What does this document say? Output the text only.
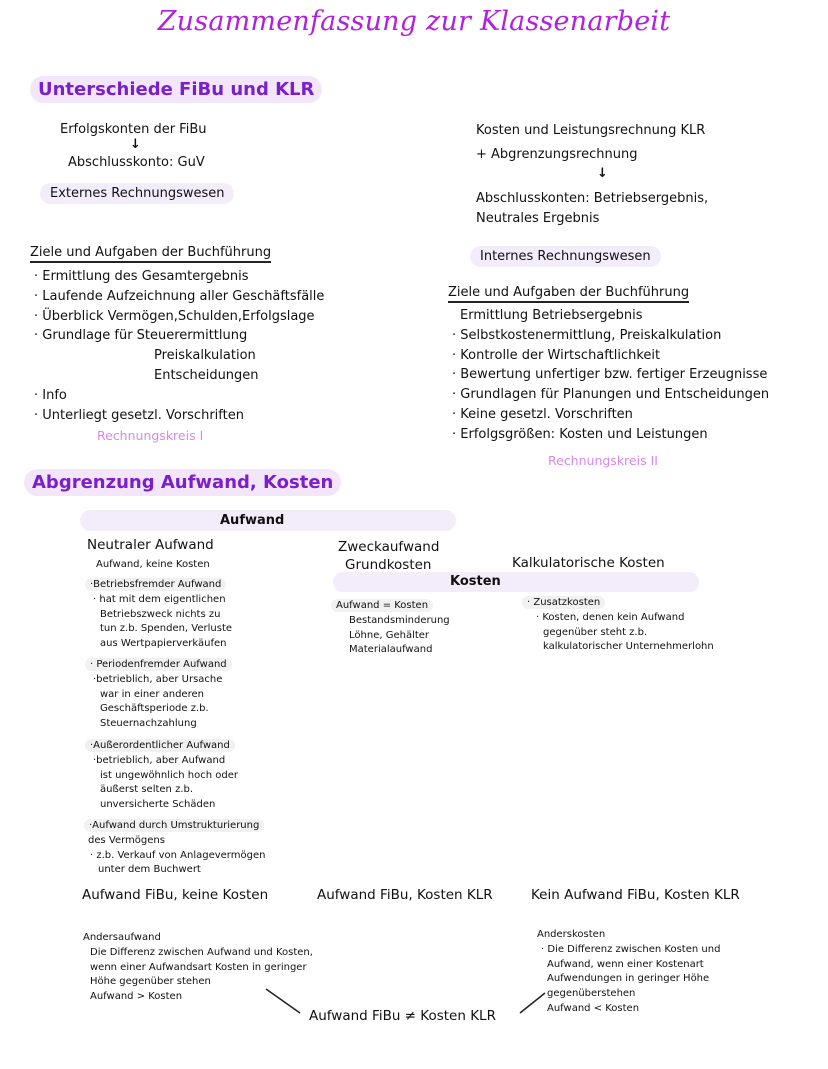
Zusammenfassung zur Klassenarbeit
Unterschiede FiBu und KLR
Erfolgskonten der FiBu
↓
Abschlusskonto: GuV
Externes Rechnungswesen
Ziele und Aufgaben der Buchführung
· Ermittlung des Gesamtergebnis
· Laufende Aufzeichnung aller Geschäftsfälle
· Überblick Vermögen,Schulden,Erfolgslage
· Grundlage für Steuerermittlung
Preiskalkulation
Entscheidungen
· Info
· Unterliegt gesetzl. Vorschriften
Rechnungskreis I
Kosten und Leistungsrechnung KLR
+ Abgrenzungsrechnung
↓
Abschlusskonten: Betriebsergebnis,
Neutrales Ergebnis
Internes Rechnungswesen
Ziele und Aufgaben der Buchführung
Ermittlung Betriebsergebnis
· Selbstkostenermittlung, Preiskalkulation
· Kontrolle der Wirtschaftlichkeit
· Bewertung unfertiger bzw. fertiger Erzeugnisse
· Grundlagen für Planungen und Entscheidungen
· Keine gesetzl. Vorschriften
· Erfolgsgrößen: Kosten und Leistungen
Rechnungskreis II
Abgrenzung Aufwand, Kosten
Aufwand
Kosten
Neutraler Aufwand
Aufwand, keine Kosten
·Betriebsfremder Aufwand
· hat mit dem eigentlichen
Betriebszweck nichts zu
tun z.b. Spenden, Verluste
aus Wertpapierverkäufen
· Periodenfremder Aufwand
·betrieblich, aber Ursache
war in einer anderen
Geschäftsperiode z.b.
Steuernachzahlung
·Außerordentlicher Aufwand
·betrieblich, aber Aufwand
ist ungewöhnlich hoch oder
äußerst selten z.b.
unversicherte Schäden
·Aufwand durch Umstrukturierung
des Vermögens
· z.b. Verkauf von Anlagevermögen
unter dem Buchwert
Zweckaufwand
Grundkosten
Aufwand = Kosten
Bestandsminderung
Löhne, Gehälter
Materialaufwand
Kalkulatorische Kosten
· Zusatzkosten
· Kosten, denen kein Aufwand
gegenüber steht z.b.
kalkulatorischer Unternehmerlohn
Aufwand FiBu, keine Kosten	Aufwand FiBu, Kosten KLR	Kein Aufwand FiBu, Kosten KLR
Andersaufwand
Die Differenz zwischen Aufwand und Kosten,
wenn einer Aufwandsart Kosten in geringer
Höhe gegenüber stehen
Aufwand > Kosten
Anderskosten
· Die Differenz zwischen Kosten und
Aufwand, wenn einer Kostenart
Aufwendungen in geringer Höhe
gegenüberstehen
Aufwand < Kosten
Aufwand FiBu ≠ Kosten KLR
